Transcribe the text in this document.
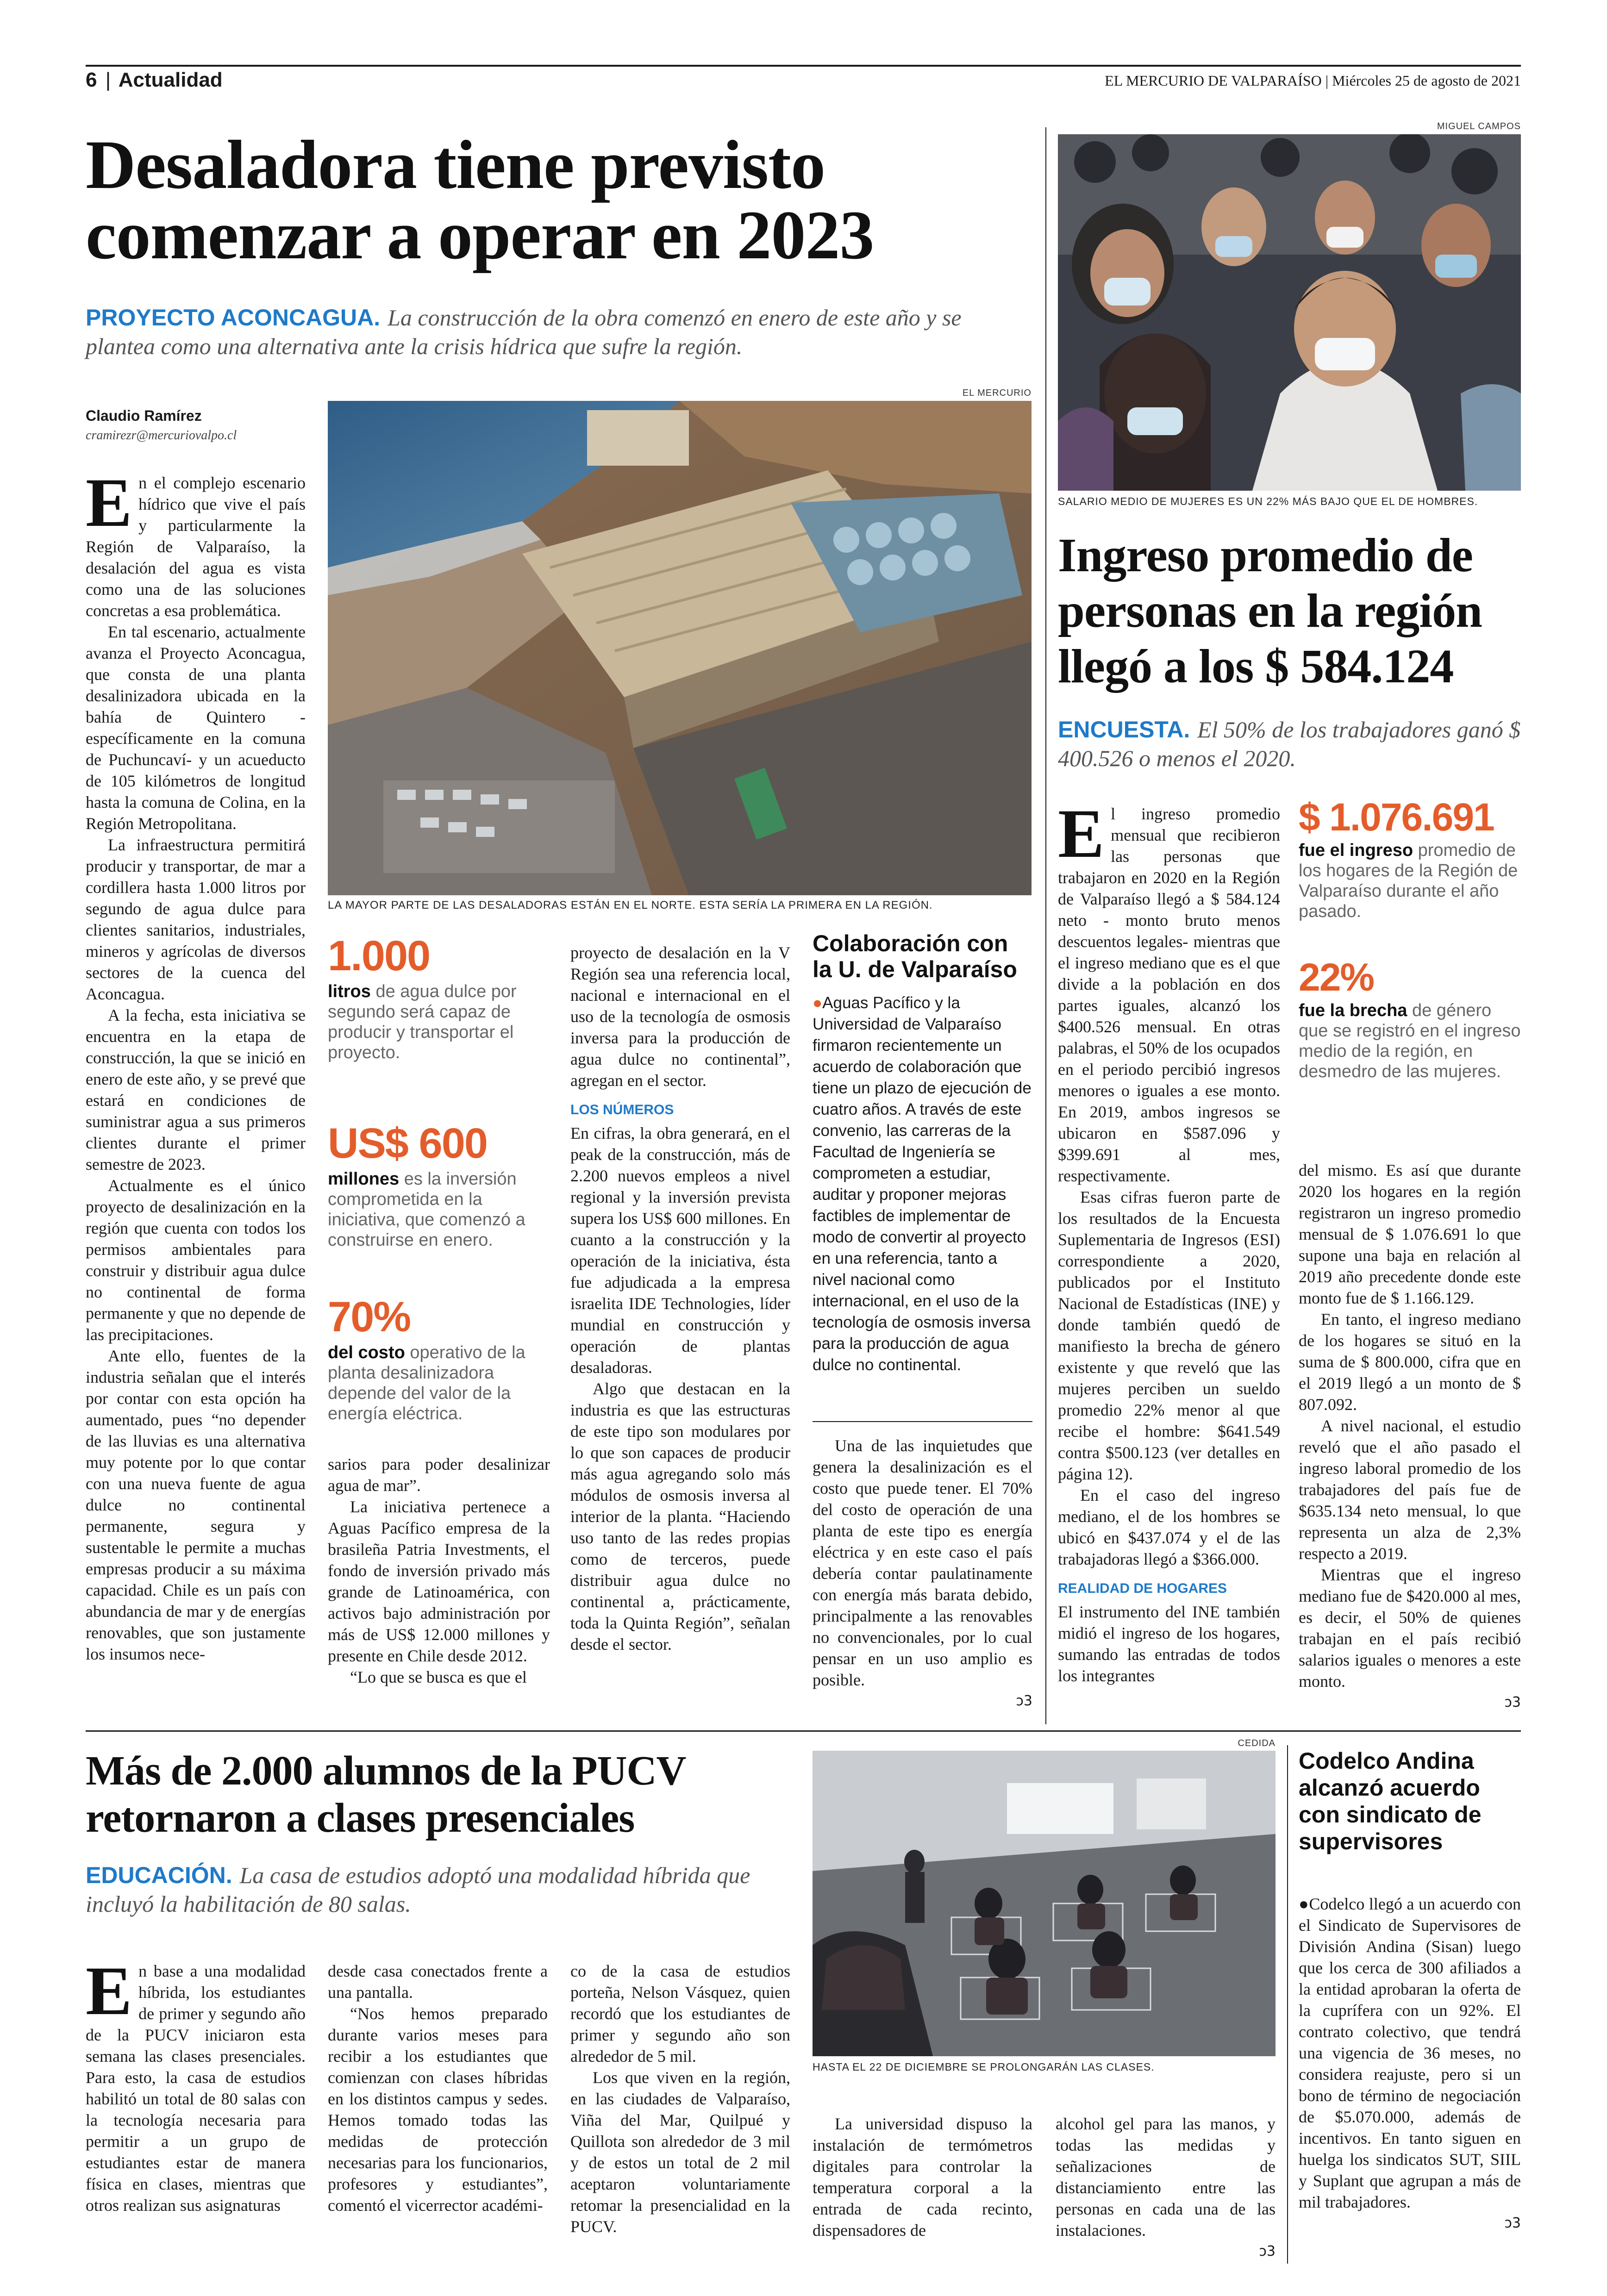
6 | Actualidad	EL MERCURIO DE VALPARAÍSO | Miércoles 25 de agosto de 2021
Desaladora tiene previsto comenzar a operar en 2023
PROYECTO ACONCAGUA. La construcción de la obra comenzó en enero de este año y se plantea como una alternativa ante la crisis hídrica que sufre la región.
Claudio Ramírez
cramirezr@mercuriovalpo.cl
EL MERCURIO
LA MAYOR PARTE DE LAS DESALADORAS ESTÁN EN EL NORTE. ESTA SERÍA LA PRIMERA EN LA REGIÓN.

En el complejo escenario hídrico que vive el país y particularmente la Región de Valparaíso, la desalación del agua es vista como una de las soluciones concretas a esa problemática.

En tal escenario, actualmente avanza el Proyecto Aconcagua, que consta de una planta desalinizadora ubicada en la bahía de Quintero -específicamente en la comuna de Puchuncaví- y un acueducto de 105 kilómetros de longitud hasta la comuna de Colina, en la Región Metropolitana.

La infraestructura permitirá producir y transportar, de mar a cordillera hasta 1.000 litros por segundo de agua dulce para clientes sanitarios, industriales, mineros y agrícolas de diversos sectores de la cuenca del Aconcagua.

A la fecha, esta iniciativa se encuentra en la etapa de construcción, la que se inició en enero de este año, y se prevé que estará en condiciones de suministrar agua a sus primeros clientes durante el primer semestre de 2023.

Actualmente es el único proyecto de desalinización en la región que cuenta con todos los permisos ambientales para construir y distribuir agua dulce no continental de forma permanente y que no depende de las precipitaciones.

Ante ello, fuentes de la industria señalan que el interés por contar con esta opción ha aumentado, pues “no depender de las lluvias es una alternativa muy potente por lo que contar con una nueva fuente de agua dulce no continental permanente, segura y sustentable le permite a muchas empresas producir a su máxima capacidad. Chile es un país con abundancia de mar y de energías renovables, que son justamente los insumos nece-

1.000
litros de agua dulce por segundo será capaz de producir y transportar el proyecto.
US$ 600
millones es la inversión comprometida en la iniciativa, que comenzó a construirse en enero.
70%
del costo operativo de la planta desalinizadora depende del valor de la energía eléctrica.

sarios para poder desalinizar agua de mar”.

La iniciativa pertenece a Aguas Pacífico empresa de la brasileña Patria Investments, el fondo de inversión privado más grande de Latinoamérica, con activos bajo administración por más de US$ 12.000 millones y presente en Chile desde 2012.

“Lo que se busca es que el

proyecto de desalación en la V Región sea una referencia local, nacional e internacional en el uso de la tecnología de osmosis inversa para la producción de agua dulce no continental”, agregan en el sector.

LOS NÚMEROS

En cifras, la obra generará, en el peak de la construcción, más de 2.200 nuevos empleos a nivel regional y la inversión prevista supera los US$ 600 millones. En cuanto a la construcción y la operación de la iniciativa, ésta fue adjudicada a la empresa israelita IDE Technologies, líder mundial en construcción y operación de plantas desaladoras.

Algo que destacan en la industria es que las estructuras de este tipo son modulares por lo que son capaces de producir más agua agregando solo más módulos de osmosis inversa al interior de la planta. “Haciendo uso tanto de las redes propias como de terceros, puede distribuir agua dulce no continental a, prácticamente, toda la Quinta Región”, señalan desde el sector.

Colaboración con la U. de Valparaíso
●Aguas Pacífico y la Universidad de Valparaíso firmaron recientemente un acuerdo de colaboración que tiene un plazo de ejecución de cuatro años. A través de este convenio, las carreras de la Facultad de Ingeniería se comprometen a estudiar, auditar y proponer mejoras factibles de implementar de modo de convertir al proyecto en una referencia, tanto a nivel nacional como internacional, en el uso de la tecnología de osmosis inversa para la producción de agua dulce no continental.

Una de las inquietudes que genera la desalinización es el costo que puede tener. El 70% del costo de operación de una planta de este tipo es energía eléctrica y en este caso el país debería contar paulatinamente con energía más barata debido, principalmente a las renovables no convencionales, por lo cual pensar en un uso amplio es posible.

ↄ3
MIGUEL CAMPOS
SALARIO MEDIO DE MUJERES ES UN 22% MÁS BAJO QUE EL DE HOMBRES.
Ingreso promedio de personas en la región llegó a los $ 584.124
ENCUESTA. El 50% de los trabajadores ganó $ 400.526 o menos el 2020.

El ingreso promedio mensual que recibieron las personas que trabajaron en 2020 en la Región de Valparaíso llegó a $ 584.124 neto - monto bruto menos descuentos legales- mientras que el ingreso mediano que es el que divide a la población en dos partes iguales, alcanzó los $400.526 mensual. En otras palabras, el 50% de los ocupados en el periodo percibió ingresos menores o iguales a ese monto. En 2019, ambos ingresos se ubicaron en $587.096 y $399.691 al mes, respectivamente.

Esas cifras fueron parte de los resultados de la Encuesta Suplementaria de Ingresos (ESI) correspondiente a 2020, publicados por el Instituto Nacional de Estadísticas (INE) y donde también quedó de manifiesto la brecha de género existente y que reveló que las mujeres perciben un sueldo promedio 22% menor al que recibe el hombre: $641.549 contra $500.123 (ver detalles en página 12).

En el caso del ingreso mediano, el de los hombres se ubicó en $437.074 y el de las trabajadoras llegó a $366.000.

REALIDAD DE HOGARES

El instrumento del INE también midió el ingreso de los hogares, sumando las entradas de todos los integrantes

$ 1.076.691
fue el ingreso promedio de los hogares de la Región de Valparaíso durante el año pasado.
22%
fue la brecha de género que se registró en el ingreso medio de la región, en desmedro de las mujeres.

del mismo. Es así que durante 2020 los hogares en la región registraron un ingreso promedio mensual de $ 1.076.691 lo que supone una baja en relación al 2019 año precedente donde este monto fue de $ 1.166.129.

En tanto, el ingreso mediano de los hogares se situó en la suma de $ 800.000, cifra que en el 2019 llegó a un monto de $ 807.092.

A nivel nacional, el estudio reveló que el año pasado el ingreso laboral promedio de los trabajadores del país fue de $635.134 neto mensual, lo que representa un alza de 2,3% respecto a 2019.

Mientras que el ingreso mediano fue de $420.000 al mes, es decir, el 50% de quienes trabajan en el país recibió salarios iguales o menores a este monto.

ↄ3
Más de 2.000 alumnos de la PUCV retornaron a clases presenciales
EDUCACIÓN. La casa de estudios adoptó una modalidad híbrida que incluyó la habilitación de 80 salas.
CEDIDA
HASTA EL 22 DE DICIEMBRE SE PROLONGARÁN LAS CLASES.

En base a una modalidad híbrida, los estudiantes de primer y segundo año de la PUCV iniciaron esta semana las clases presenciales. Para esto, la casa de estudios habilitó un total de 80 salas con la tecnología necesaria para permitir a un grupo de estudiantes estar de manera física en clases, mientras que otros realizan sus asignaturas

desde casa conectados frente a una pantalla.

“Nos hemos preparado durante varios meses para recibir a los estudiantes que comienzan con clases híbridas en los distintos campus y sedes. Hemos tomado todas las medidas de protección necesarias para los funcionarios, profesores y estudiantes”, comentó el vicerrector académi-

co de la casa de estudios porteña, Nelson Vásquez, quien recordó que los estudiantes de primer y segundo año son alrededor de 5 mil.

Los que viven en la región, en las ciudades de Valparaíso, Viña del Mar, Quilpué y Quillota son alrededor de 3 mil y de estos un total de 2 mil aceptaron voluntariamente retomar la presencialidad en la PUCV.

La universidad dispuso la instalación de termómetros digitales para controlar la temperatura corporal a la entrada de cada recinto, dispensadores de

alcohol gel para las manos, y todas las medidas y señalizaciones de distanciamiento entre las personas en cada una de las instalaciones.

ↄ3
Codelco Andina alcanzó acuerdo con sindicato de supervisores
●Codelco llegó a un acuerdo con el Sindicato de Supervisores de División Andina (Sisan) luego que los cerca de 300 afiliados a la entidad aprobaran la oferta de la cuprífera con un 92%. El contrato colectivo, que tendrá una vigencia de 36 meses, no considera reajuste, pero si un bono de término de negociación de $5.070.000, además de incentivos. En tanto siguen en huelga los sindicatos SUT, SIIL y Suplant que agrupan a más de mil trabajadores.
ↄ3
